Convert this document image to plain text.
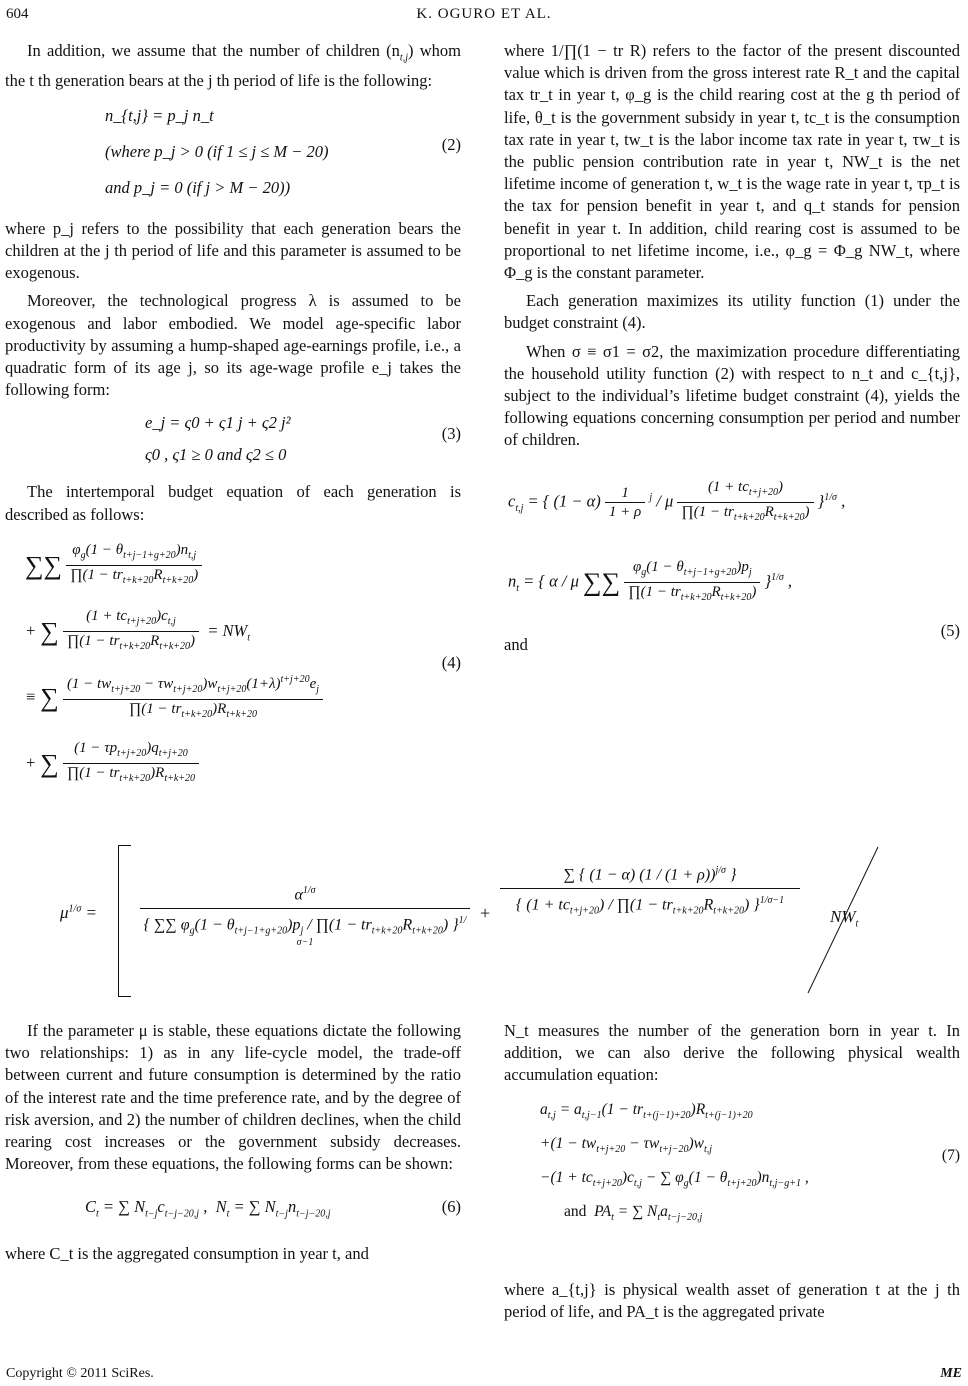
604	K. OGURO ET AL.

In addition, we assume that the number of children $(n_{t,j})$ whom the t th generation bears at the j th period of life is the following:

n_{t,j} = p_j n_t
(where p_j > 0 (if 1 ≤ j ≤ M − 20)
and p_j = 0 (if j > M − 20))
(2)

where p_j refers to the possibility that each generation bears the children at the j th period of life and this parameter is assumed to be exogenous.

Moreover, the technological progress λ is assumed to be exogenous and labor embodied. We model age-specific labor productivity by assuming a hump-shaped age-earnings profile, i.e., a quadratic form of its age j, so its age-wage profile e_j takes the following form:

e_j = ς0 + ς1 j + ς2 j²
ς0 , ς1 ≥ 0 and ς2 ≤ 0
(3)

The intertemporal budget equation of each generation is described as follows:

∑∑ $\frac{\varphi_g(1 - \theta_{t+j-1+g+20})n_{t,j}}{\prod(1 - tr_{t+k+20}R_{t+k+20})}$
+ ∑ $\frac{(1 + tc_{t+j+20})c_{t,j}}{\prod(1 - tr_{t+k+20}R_{t+k+20})} = NW_t$
≡ ∑ $\frac{(1 - tw_{t+j+20} - \tau w_{t+j+20})w_{t+j+20}(1+\lambda)^{t+j+20}e_j}{\prod(1 - tr_{t+k+20})R_{t+k+20}}$
+ ∑ $\frac{(1 - \tau p_{t+j+20})q_{t+j+20}}{\prod(1 - tr_{t+k+20})R_{t+k+20}}$
(4)

where 1/∏(1 − tr R) refers to the factor of the present discounted value which is driven from the gross interest rate R_t and the capital tax tr_t in year t, φ_g is the child rearing cost at the g th period of life, θ_t is the government subsidy in year t, tc_t is the consumption tax rate in year t, tw_t is the labor income tax rate in year t, τw_t is the public pension contribution rate in year t, NW_t is the net lifetime income of generation t, w_t is the wage rate in year t, τp_t is the tax for pension benefit in year t, and q_t stands for pension benefit in year t. In addition, child rearing cost is assumed to be proportional to net lifetime income, i.e., φ_g = Φ_g NW_t, where Φ_g is the constant parameter.

Each generation maximizes its utility function (1) under the budget constraint (4).

When σ ≡ σ1 = σ2, the maximization procedure differentiating the household utility function (2) with respect to n_t and c_{t,j}, subject to the individual’s lifetime budget constraint (4), yields the following equations concerning consumption per period and number of children.

$c_{t,j}$ = { $(1 - \alpha) \frac{1}{1 + \rho} ^j / \mu \frac{(1 + tc_{t+j+20})}{\prod(1 - tr_{t+k+20}R_{t+k+20})} \}^{1/\sigma}$ ,
$n_t$ = { α / μ ∑∑ $\frac{\varphi_g(1 - \theta_{t+j-1+g+20})p_j}{\prod(1 - tr_{t+k+20}R_{t+k+20})} \}^{1/\sigma}$ ,
(5)

and

$\mu^{1/\sigma}$ =
$\alpha^{1/\sigma}$
{ ∑∑ $\varphi_g(1 - \theta_{t+j-1+g+20})p_j$ / ∏(1 − $tr_{t+k+20}R_{t+k+20}$) }$^{1/\sigma-1}$
+
∑ { (1 − α) $(1 / (1 + \rho))^{j/\sigma}$ }
{ $(1 + tc_{t+j+20})$ / ∏(1 − $tr_{t+k+20}R_{t+k+20}$) }$^{1/\sigma-1}$
$NW_t$

If the parameter μ is stable, these equations dictate the following two relationships: 1) as in any life-cycle model, the trade-off between current and future consumption is determined by the ratio of the interest rate and the time preference rate, and by the degree of risk aversion, and 2) the number of children declines, when the child rearing cost increases or the government subsidy decreases. Moreover, from these equations, the following forms can be shown:

$C_t$ = ∑ $N_{t-j}c_{t-j-20,j}$ ,  $N_t$ = ∑ $N_{t-j}n_{t-j-20,j}$	(6)

where C_t is the aggregated consumption in year t, and

N_t measures the number of the generation born in year t. In addition, we can also derive the following physical wealth accumulation equation:

$a_{t,j} = a_{t,j-1}(1 - tr_{t+(j-1)+20})R_{t+(j-1)+20}$
$+(1 - tw_{t+j+20} - \tau w_{t+j-20})w_{t,j}$
$-(1 + tc_{t+j+20})c_{t,j}$ − ∑ $\varphi_g(1 - \theta_{t+j+20})n_{t,j-g+1}$ ,
and  $PA_t$ = ∑ $N_ta_{t-j-20,j}$
(7)

where a_{t,j} is physical wealth asset of generation t at the j th period of life, and PA_t is the aggregated private

Copyright © 2011 SciRes.	ME
